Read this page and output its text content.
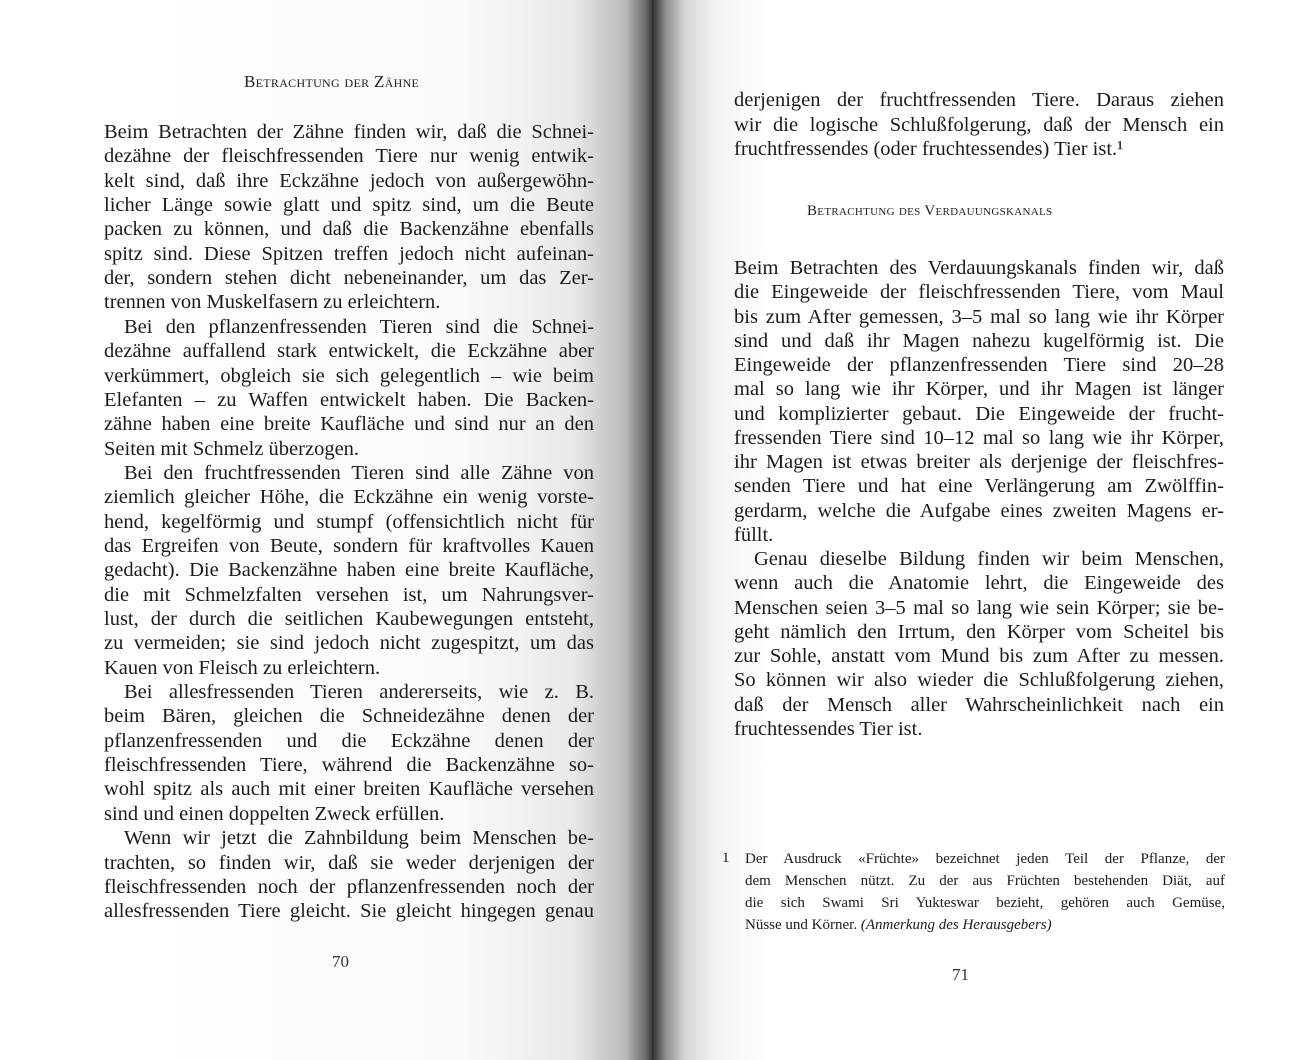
Betrachtung der Zähne
Beim Betrachten der Zähne finden wir, daß die Schnei-
dezähne der fleischfressenden Tiere nur wenig entwik-
kelt sind, daß ihre Eckzähne jedoch von außergewöhn-
licher Länge sowie glatt und spitz sind, um die Beute
packen zu können, und daß die Backenzähne ebenfalls
spitz sind. Diese Spitzen treffen jedoch nicht aufeinan-
der, sondern stehen dicht nebeneinander, um das Zer-
trennen von Muskelfasern zu erleichtern.
Bei den pflanzenfressenden Tieren sind die Schnei-
dezähne auffallend stark entwickelt, die Eckzähne aber
verkümmert, obgleich sie sich gelegentlich – wie beim
Elefanten – zu Waffen entwickelt haben. Die Backen-
zähne haben eine breite Kaufläche und sind nur an den
Seiten mit Schmelz überzogen.
Bei den fruchtfressenden Tieren sind alle Zähne von
ziemlich gleicher Höhe, die Eckzähne ein wenig vorste-
hend, kegelförmig und stumpf (offensichtlich nicht für
das Ergreifen von Beute, sondern für kraftvolles Kauen
gedacht). Die Backenzähne haben eine breite Kaufläche,
die mit Schmelzfalten versehen ist, um Nahrungsver-
lust, der durch die seitlichen Kaubewegungen entsteht,
zu vermeiden; sie sind jedoch nicht zugespitzt, um das
Kauen von Fleisch zu erleichtern.
Bei allesfressenden Tieren andererseits, wie z. B.
beim Bären, gleichen die Schneidezähne denen der
pflanzenfressenden und die Eckzähne denen der
fleischfressenden Tiere, während die Backenzähne so-
wohl spitz als auch mit einer breiten Kaufläche versehen
sind und einen doppelten Zweck erfüllen.
Wenn wir jetzt die Zahnbildung beim Menschen be-
trachten, so finden wir, daß sie weder derjenigen der
fleischfressenden noch der pflanzenfressenden noch der
allesfressenden Tiere gleicht. Sie gleicht hingegen genau
70
derjenigen der fruchtfressenden Tiere. Daraus ziehen
wir die logische Schlußfolgerung, daß der Mensch ein
fruchtfressendes (oder fruchtessendes) Tier ist.¹
Betrachtung des Verdauungskanals
Beim Betrachten des Verdauungskanals finden wir, daß
die Eingeweide der fleischfressenden Tiere, vom Maul
bis zum After gemessen, 3–5 mal so lang wie ihr Körper
sind und daß ihr Magen nahezu kugelförmig ist. Die
Eingeweide der pflanzenfressenden Tiere sind 20–28
mal so lang wie ihr Körper, und ihr Magen ist länger
und komplizierter gebaut. Die Eingeweide der frucht-
fressenden Tiere sind 10–12 mal so lang wie ihr Körper,
ihr Magen ist etwas breiter als derjenige der fleischfres-
senden Tiere und hat eine Verlängerung am Zwölffin-
gerdarm, welche die Aufgabe eines zweiten Magens er-
füllt.
Genau dieselbe Bildung finden wir beim Menschen,
wenn auch die Anatomie lehrt, die Eingeweide des
Menschen seien 3–5 mal so lang wie sein Körper; sie be-
geht nämlich den Irrtum, den Körper vom Scheitel bis
zur Sohle, anstatt vom Mund bis zum After zu messen.
So können wir also wieder die Schlußfolgerung ziehen,
daß der Mensch aller Wahrscheinlichkeit nach ein
fruchtessendes Tier ist.
1 Der Ausdruck «Früchte» bezeichnet jeden Teil der Pflanze, der
dem Menschen nützt. Zu der aus Früchten bestehenden Diät, auf
die sich Swami Sri Yukteswar bezieht, gehören auch Gemüse,
Nüsse und Körner. (Anmerkung des Herausgebers)
71
